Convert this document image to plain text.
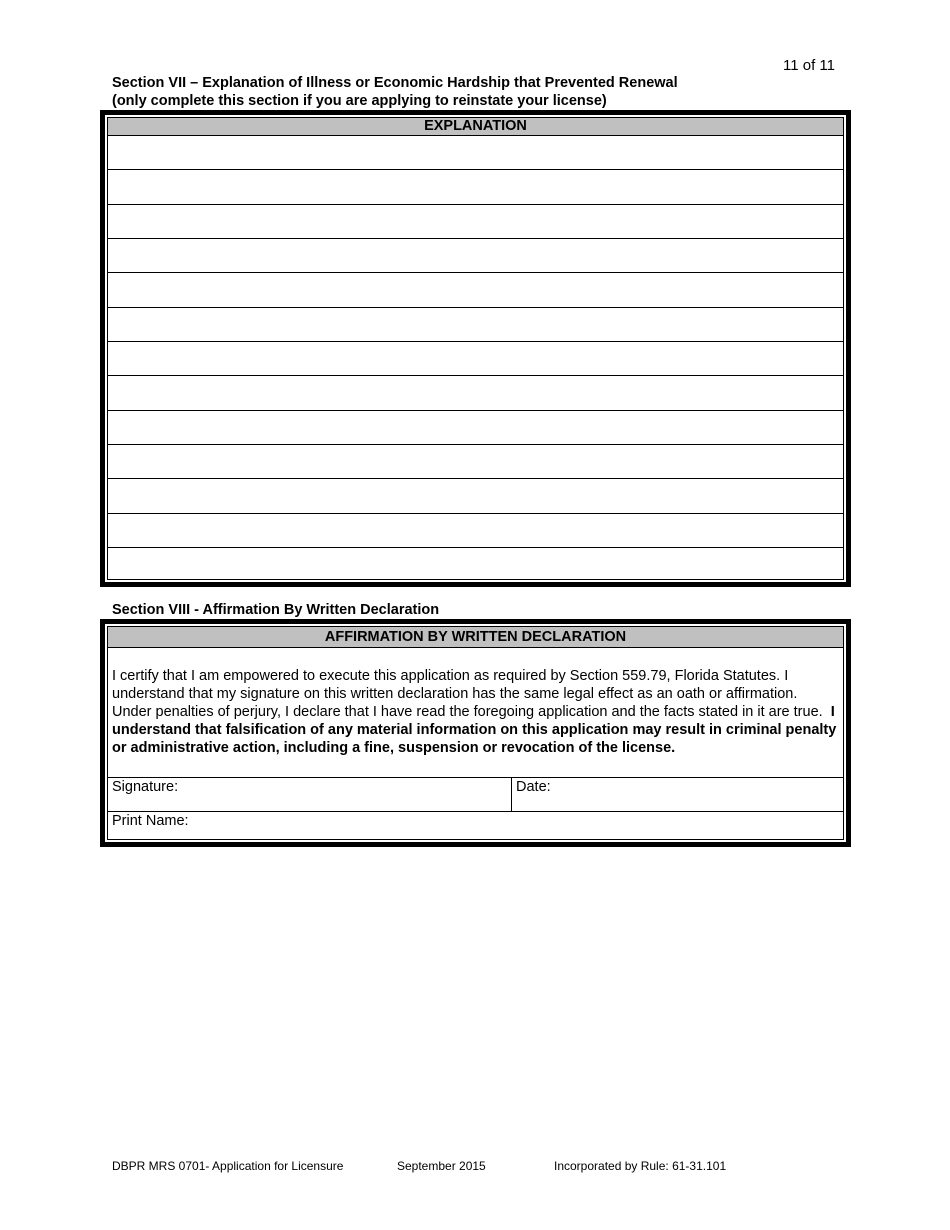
11 of 11
Section VII – Explanation of Illness or Economic Hardship that Prevented Renewal
(only complete this section if you are applying to reinstate your license)
EXPLANATION
Section VIII - Affirmation By Written Declaration
AFFIRMATION BY WRITTEN DECLARATION
I certify that I am empowered to execute this application as required by Section 559.79, Florida Statutes. I understand that my signature on this written declaration has the same legal effect as an oath or affirmation. Under penalties of perjury, I declare that I have read the foregoing application and the facts stated in it are true. I understand that falsification of any material information on this application may result in criminal penalty or administrative action, including a fine, suspension or revocation of the license.
Signature:	Date:
Print Name:
DBPR MRS 0701- Application for Licensure	September 2015	Incorporated by Rule: 61-31.101
